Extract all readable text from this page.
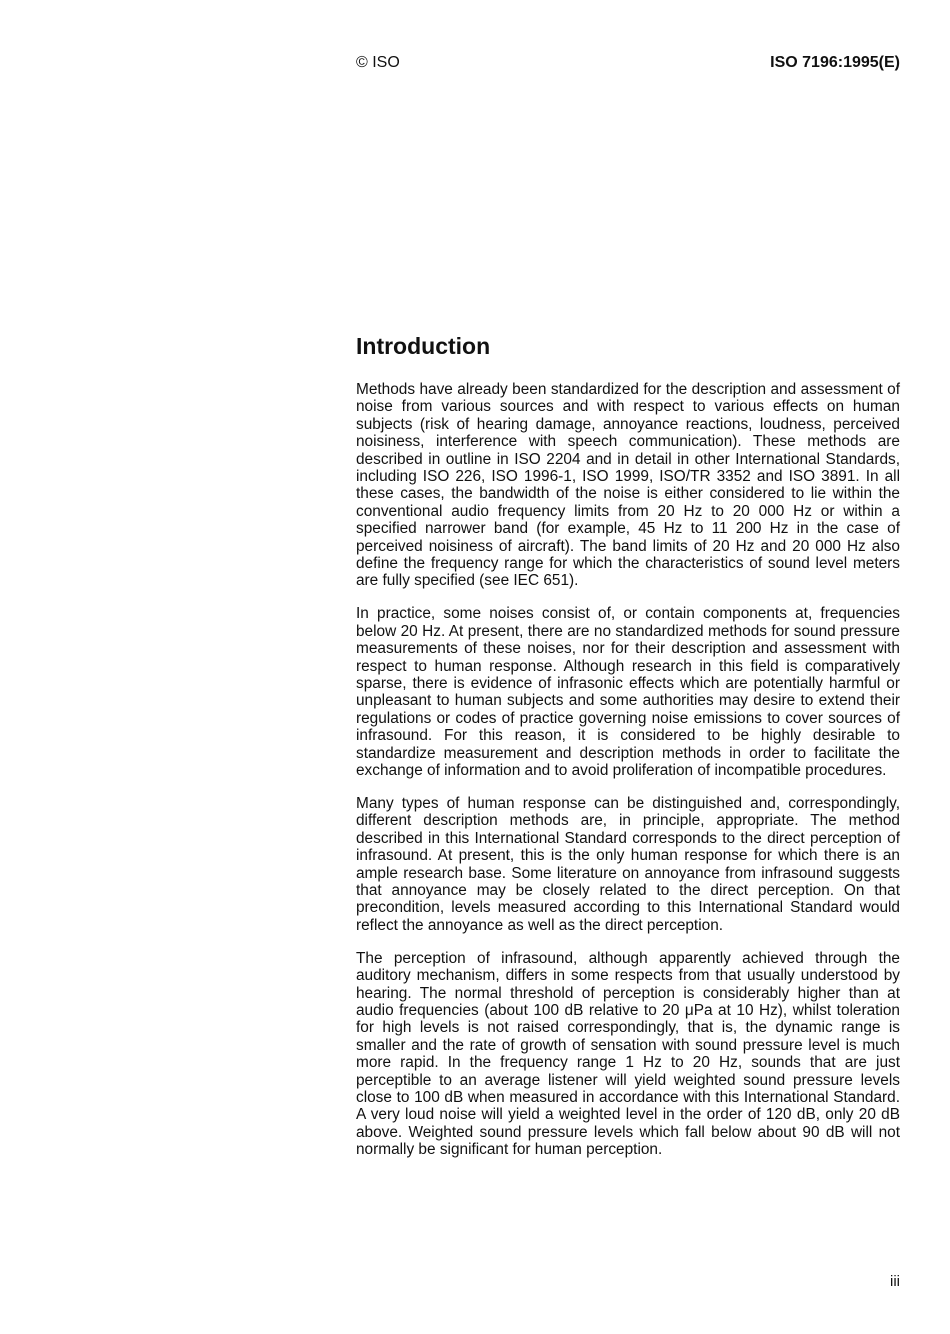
© ISO	ISO 7196:1995(E)
Introduction

Methods have already been standardized for the description and assessment of noise from various sources and with respect to various effects on human subjects (risk of hearing damage, annoyance reactions, loudness, perceived noisiness, interference with speech communication). These methods are described in outline in ISO 2204 and in detail in other International Standards, including ISO 226, ISO 1996-1, ISO 1999, ISO/TR 3352 and ISO 3891. In all these cases, the bandwidth of the noise is either considered to lie within the conventional audio frequency limits from 20 Hz to 20 000 Hz or within a specified narrower band (for example, 45 Hz to 11 200 Hz in the case of perceived noisiness of aircraft). The band limits of 20 Hz and 20 000 Hz also define the frequency range for which the characteristics of sound level meters are fully specified (see IEC 651).

In practice, some noises consist of, or contain components at, frequencies below 20 Hz. At present, there are no standardized methods for sound pressure measurements of these noises, nor for their description and assessment with respect to human response. Although research in this field is comparatively sparse, there is evidence of infrasonic effects which are potentially harmful or unpleasant to human subjects and some authorities may desire to extend their regulations or codes of practice governing noise emissions to cover sources of infrasound. For this reason, it is considered to be highly desirable to standardize measurement and description methods in order to facilitate the exchange of information and to avoid proliferation of incompatible procedures.

Many types of human response can be distinguished and, correspondingly, different description methods are, in principle, appropriate. The method described in this International Standard corresponds to the direct perception of infrasound. At present, this is the only human response for which there is an ample research base. Some literature on annoyance from infrasound suggests that annoyance may be closely related to the direct perception. On that precondition, levels measured according to this International Standard would reflect the annoyance as well as the direct perception.

The perception of infrasound, although apparently achieved through the auditory mechanism, differs in some respects from that usually understood by hearing. The normal threshold of perception is considerably higher than at audio frequencies (about 100 dB relative to 20 μPa at 10 Hz), whilst toleration for high levels is not raised correspondingly, that is, the dynamic range is smaller and the rate of growth of sensation with sound pressure level is much more rapid. In the frequency range 1 Hz to 20 Hz, sounds that are just perceptible to an average listener will yield weighted sound pressure levels close to 100 dB when measured in accordance with this International Standard. A very loud noise will yield a weighted level in the order of 120 dB, only 20 dB above. Weighted sound pressure levels which fall below about 90 dB will not normally be significant for human perception.

iii
